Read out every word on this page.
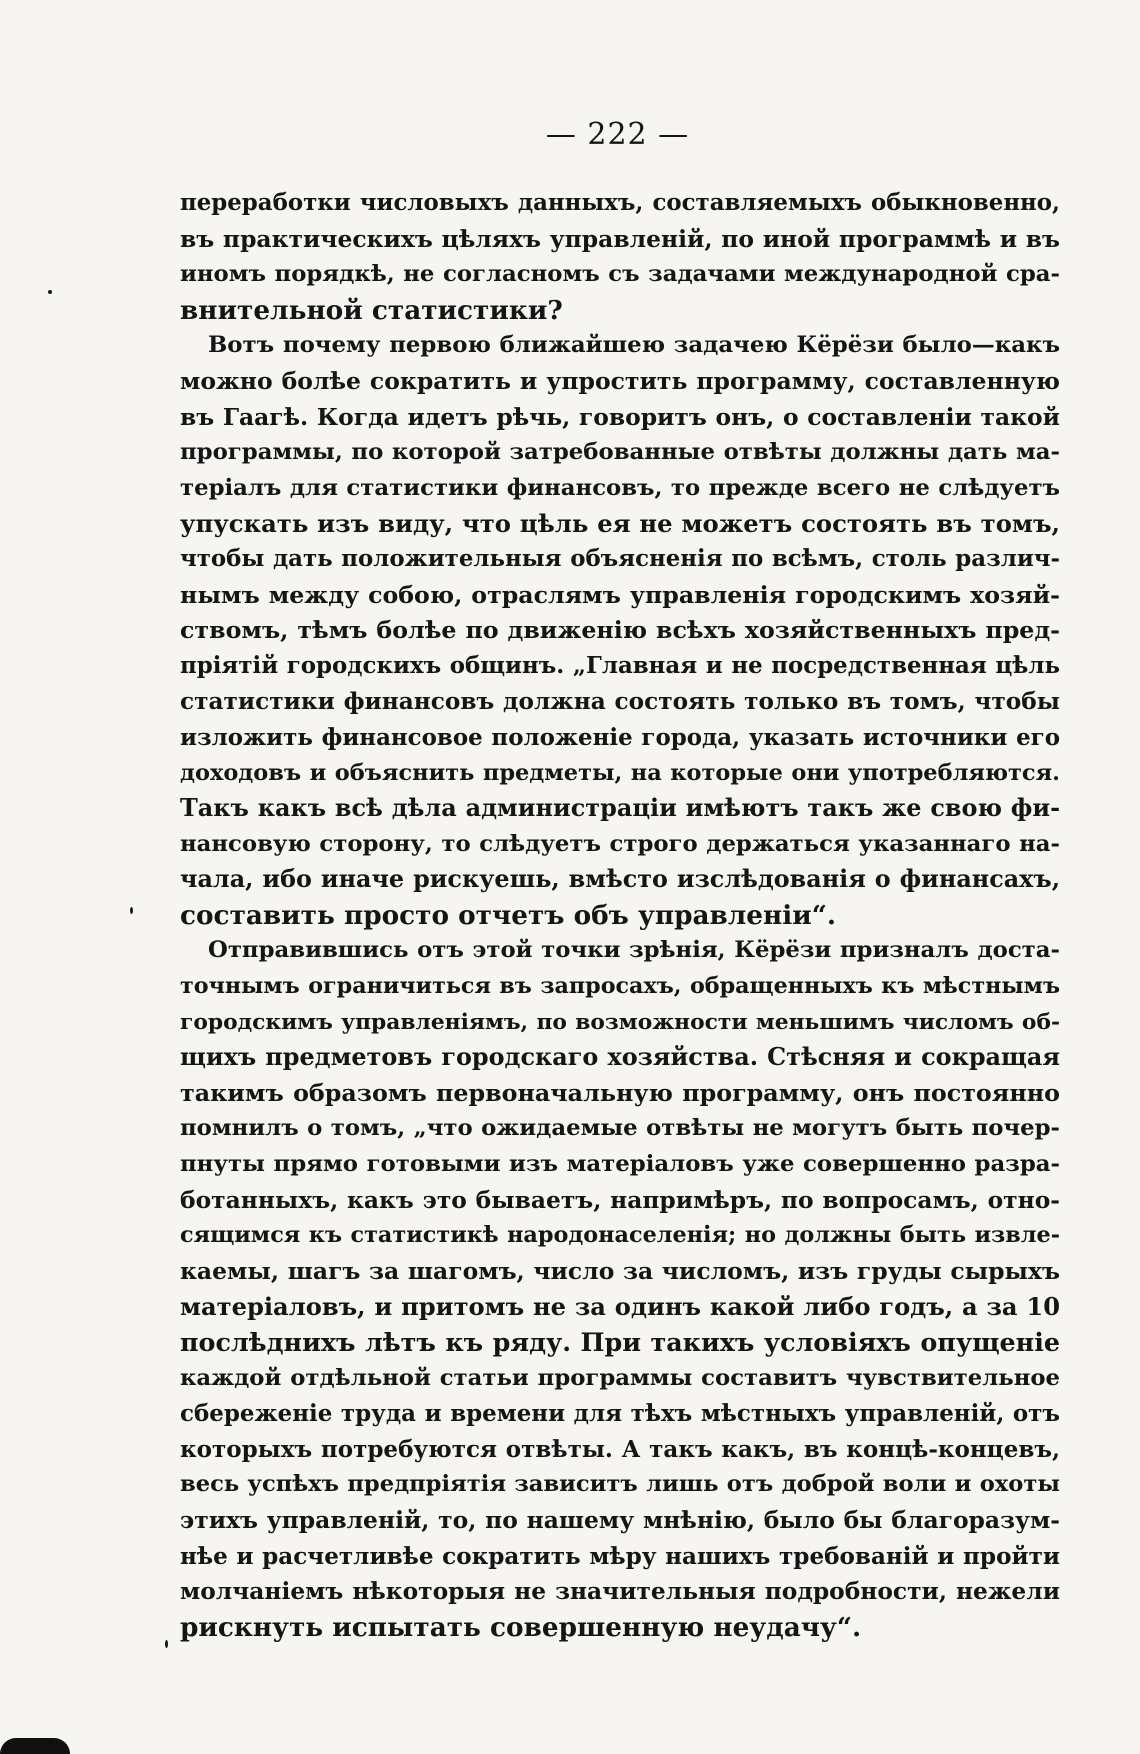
— 222 —
переработки числовыхъ данныхъ, составляемыхъ обыкновенно,
въ практическихъ цѣляхъ управленій, по иной программѣ и въ
иномъ порядкѣ, не согласномъ съ задачами международной сра-
внительной статистики?
Вотъ почему первою ближайшею задачею Кёрёзи было—какъ
можно болѣе сократить и упростить программу, составленную
въ Гаагѣ. Когда идетъ рѣчь, говоритъ онъ, о составленіи такой
программы, по которой затребованные отвѣты должны дать ма-
теріалъ для статистики финансовъ, то прежде всего не слѣдуетъ
упускать изъ виду, что цѣль ея не можетъ состоять въ томъ,
чтобы дать положительныя объясненія по всѣмъ, столь различ-
нымъ между собою, отраслямъ управленія городскимъ хозяй-
ствомъ, тѣмъ болѣе по движенію всѣхъ хозяйственныхъ пред-
пріятій городскихъ общинъ. „Главная и не посредственная цѣль
статистики финансовъ должна состоять только въ томъ, чтобы
изложить финансовое положеніе города, указать источники его
доходовъ и объяснить предметы, на которые они употребляются.
Такъ какъ всѣ дѣла администраціи имѣютъ такъ же свою фи-
нансовую сторону, то слѣдуетъ строго держаться указаннаго на-
чала, ибо иначе рискуешь, вмѣсто изслѣдованія о финансахъ,
составить просто отчетъ объ управленіи“.
Отправившись отъ этой точки зрѣнія, Кёрёзи призналъ доста-
точнымъ ограничиться въ запросахъ, обращенныхъ къ мѣстнымъ
городскимъ управленіямъ, по возможности меньшимъ числомъ об-
щихъ предметовъ городскаго хозяйства. Стѣсняя и сокращая
такимъ образомъ первоначальную программу, онъ постоянно
помнилъ о томъ, „что ожидаемые отвѣты не могутъ быть почер-
пнуты прямо готовыми изъ матеріаловъ уже совершенно разра-
ботанныхъ, какъ это бываетъ, напримѣръ, по вопросамъ, отно-
сящимся къ статистикѣ народонаселенія; но должны быть извле-
каемы, шагъ за шагомъ, число за числомъ, изъ груды сырыхъ
матеріаловъ, и притомъ не за одинъ какой либо годъ, а за 10
послѣднихъ лѣтъ къ ряду. При такихъ условіяхъ опущеніе
каждой отдѣльной статьи программы составитъ чувствительное
сбереженіе труда и времени для тѣхъ мѣстныхъ управленій, отъ
которыхъ потребуются отвѣты. А такъ какъ, въ концѣ-концевъ,
весь успѣхъ предпріятія зависитъ лишь отъ доброй воли и охоты
этихъ управленій, то, по нашему мнѣнію, было бы благоразум-
нѣе и расчетливѣе сократить мѣру нашихъ требованій и пройти
молчаніемъ нѣкоторыя не значительныя подробности, нежели
рискнуть испытать совершенную неудачу“.
